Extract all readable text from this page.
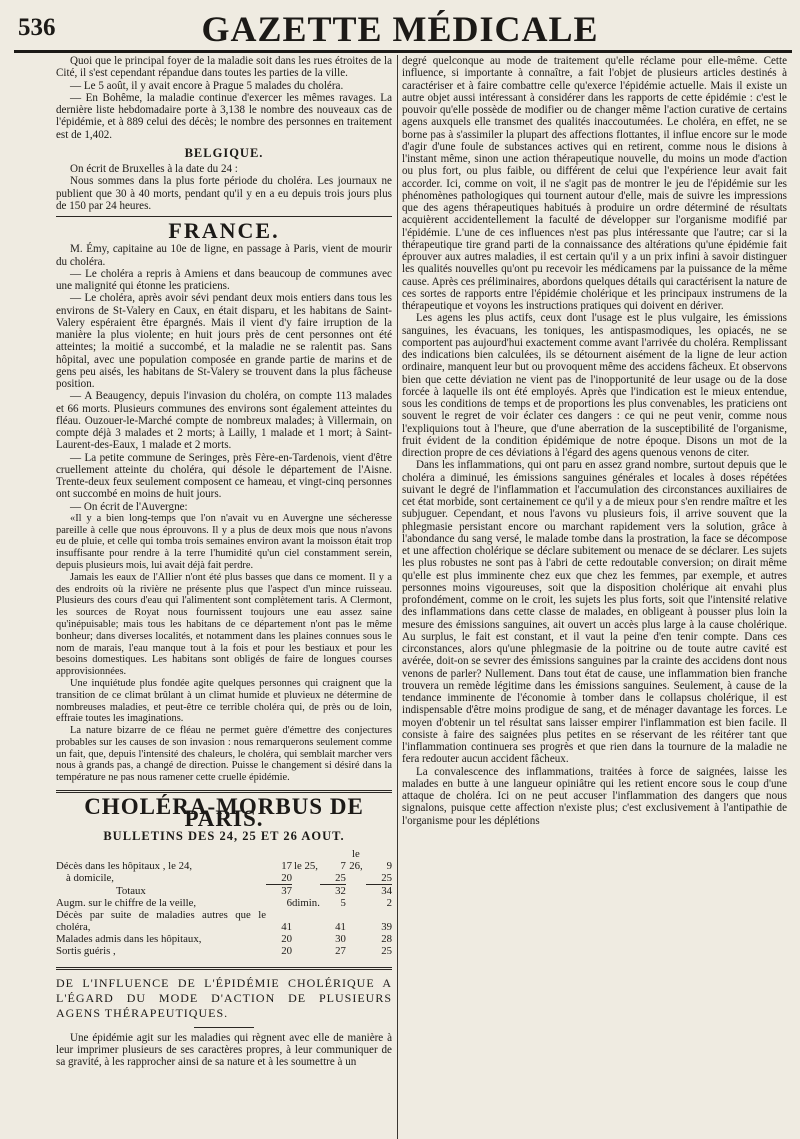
536	GAZETTE MÉDICALE

Quoi que le principal foyer de la maladie soit dans les rues étroites de la Cité, il s'est cependant répandue dans toutes les parties de la ville.

— Le 5 août, il y avait encore à Prague 5 malades du choléra.

— En Bohême, la maladie continue d'exercer les mêmes ravages. La dernière liste hebdomadaire porte à 3,138 le nombre des nouveaux cas de l'épidémie, et à 889 celui des décès; le nombre des personnes en traitement est de 1,402.

BELGIQUE.

On écrit de Bruxelles à la date du 24 :

Nous sommes dans la plus forte période du choléra. Les journaux ne publient que 30 à 40 morts, pendant qu'il y en a eu depuis trois jours plus de 150 par 24 heures.

FRANCE.

M. Émy, capitaine au 10e de ligne, en passage à Paris, vient de mourir du choléra.

— Le choléra a repris à Amiens et dans beaucoup de communes avec une malignité qui étonne les praticiens.

— Le choléra, après avoir sévi pendant deux mois entiers dans tous les environs de St-Valery en Caux, en était disparu, et les habitans de Saint-Valery espéraient être épargnés. Mais il vient d'y faire irruption de la manière la plus violente; en huit jours près de cent personnes ont été atteintes; la moitié a succombé, et la maladie ne se ralentit pas. Sans hôpital, avec une population composée en grande partie de marins et de gens peu aisés, les habitans de St-Valery se trouvent dans la plus fâcheuse position.

— A Beaugency, depuis l'invasion du choléra, on compte 113 malades et 66 morts. Plusieurs communes des environs sont également atteintes du fléau. Ouzouer-le-Marché compte de nombreux malades; à Villermain, on compte déjà 3 malades et 2 morts; à Lailly, 1 malade et 1 mort; à Saint-Laurent-des-Eaux, 1 malade et 2 morts.

— La petite commune de Seringes, près Fère-en-Tardenois, vient d'être cruellement atteinte du choléra, qui désole le département de l'Aisne. Trente-deux feux seulement composent ce hameau, et vingt-cinq personnes ont succombé en moins de huit jours.

— On écrit de l'Auvergne:

«Il y a bien long-temps que l'on n'avait vu en Auvergne une sécheresse pareille à celle que nous éprouvons. Il y a plus de deux mois que nous n'avons eu de pluie, et celle qui tomba trois semaines environ avant la moisson était trop insuffisante pour rendre à la terre l'humidité qu'un ciel constamment serein, depuis plusieurs mois, lui avait déjà fait perdre.

Jamais les eaux de l'Allier n'ont été plus basses que dans ce moment. Il y a des endroits où la rivière ne présente plus que l'aspect d'un mince ruisseau. Plusieurs des cours d'eau qui l'alimentent sont complètement taris. A Clermont, les sources de Royat nous fournissent toujours une eau assez saine qu'inépuisable; mais tous les habitans de ce département n'ont pas le même bonheur; dans diverses localités, et notamment dans les plaines connues sous le nom de marais, l'eau manque tout à la fois et pour les bestiaux et pour les besoins domestiques. Les habitans sont obligés de faire de longues courses approvisionnées.

Une inquiétude plus fondée agite quelques personnes qui craignent que la transition de ce climat brûlant à un climat humide et pluvieux ne détermine de nombreuses maladies, et peut-être ce terrible choléra qui, de près ou de loin, effraie toutes les imaginations.

La nature bizarre de ce fléau ne permet guère d'émettre des conjectures probables sur les causes de son invasion : nous remarquerons seulement comme un fait, que, depuis l'intensité des chaleurs, le choléra, qui semblait marcher vers nous à grands pas, a changé de direction. Puisse le changement si désiré dans la température ne pas nous ramener cette cruelle épidémie.

CHOLÉRA-MORBUS DE PARIS.
BULLETINS DES 24, 25 ET 26 AOUT.
Décès dans les hôpitaux , le 24,	17	le 25,	7	le 26,	9
à domicile,	20		25		25
Totaux	37		32		34
Augm. sur le chiffre de la veille,	6	dimin.	5		2
Décès par suite de maladies autres que le choléra,	41		41		39
Malades admis dans les hôpitaux,	20		30		28
Sortis guéris ,	20		27		25
DE L'INFLUENCE DE L'ÉPIDÉMIE CHOLÉRIQUE A L'ÉGARD DU MODE D'ACTION DE PLUSIEURS AGENS THÉRAPEUTIQUES.

Une épidémie agit sur les maladies qui règnent avec elle de manière à leur imprimer plusieurs de ses caractères propres, à leur communiquer de sa gravité, à les rapprocher ainsi de sa nature et à les soumettre à un

degré quelconque au mode de traitement qu'elle réclame pour elle-même. Cette influence, si importante à connaître, a fait l'objet de plusieurs articles destinés à caractériser et à faire combattre celle qu'exerce l'épidémie actuelle. Mais il existe un autre objet aussi intéressant à considérer dans les rapports de cette épidémie : c'est le pouvoir qu'elle possède de modifier ou de changer même l'action curative de certains agens auxquels elle transmet des qualités inaccoutumées. Le choléra, en effet, ne se borne pas à s'assimiler la plupart des affections flottantes, il influe encore sur le mode d'agir d'une foule de substances actives qui en retirent, comme nous le disions à l'instant même, sinon une action thérapeutique nouvelle, du moins un mode d'action ou plus fort, ou plus faible, ou différent de celui que l'expérience leur avait fait accorder. Ici, comme on voit, il ne s'agit pas de montrer le jeu de l'épidémie sur les phénomènes pathologiques qui tournent autour d'elle, mais de suivre les impressions que des agens thérapeutiques habitués à produire un ordre déterminé de résultats acquièrent accidentellement la faculté de développer sur l'organisme modifié par l'épidémie. L'une de ces influences n'est pas plus intéressante que l'autre; car si la thérapeutique tire grand parti de la connaissance des altérations qu'une épidémie fait éprouver aux autres maladies, il est certain qu'il y a un prix infini à savoir distinguer les qualités nouvelles qu'ont pu recevoir les médicamens par la puissance de la même cause. Après ces préliminaires, abordons quelques détails qui caractérisent la nature de ces sortes de rapports entre l'épidémie cholérique et les principaux instrumens de la thérapeutique et voyons les instructions pratiques qui doivent en dériver.

Les agens les plus actifs, ceux dont l'usage est le plus vulgaire, les émissions sanguines, les évacuans, les toniques, les antispasmodiques, les opiacés, ne se comportent pas aujourd'hui exactement comme avant l'arrivée du choléra. Remplissant des indications bien calculées, ils se détournent aisément de la ligne de leur action ordinaire, manquent leur but ou provoquent même des accidens fâcheux. Et observons bien que cette déviation ne vient pas de l'inopportunité de leur usage ou de la dose forcée à laquelle ils ont été employés. Après que l'indication est le mieux entendue, sous les conditions de temps et de proportions les plus convenables, les praticiens ont souvent le regret de voir éclater ces dangers : ce qui ne peut venir, comme nous l'expliquions tout à l'heure, que d'une aberration de la susceptibilité de l'organisme, fruit évident de la condition épidémique de notre époque. Disons un mot de la direction propre de ces déviations à l'égard des agens quenous venons de citer.

Dans les inflammations, qui ont paru en assez grand nombre, surtout depuis que le choléra a diminué, les émissions sanguines générales et locales à doses répétées suivant le degré de l'inflammation et l'accumulation des circonstances auxiliaires de cet état morbide, sont certainement ce qu'il y a de mieux pour s'en rendre maître et les subjuguer. Cependant, et nous l'avons vu plusieurs fois, il arrive souvent que la phlegmasie persistant encore ou marchant rapidement vers la solution, grâce à l'abondance du sang versé, le malade tombe dans la prostration, la face se décompose et une affection cholérique se déclare subitement ou menace de se déclarer. Les sujets les plus robustes ne sont pas à l'abri de cette redoutable conversion; on dirait même qu'elle est plus imminente chez eux que chez les femmes, par exemple, et autres personnes moins vigoureuses, soit que la disposition cholérique ait envahi plus profondément, comme on le croit, les sujets les plus forts, soit que l'intensité relative des inflammations dans cette classe de malades, en obligeant à pousser plus loin la mesure des émissions sanguines, ait ouvert un accès plus large à la cause cholérique. Au surplus, le fait est constant, et il vaut la peine d'en tenir compte. Dans ces circonstances, alors qu'une phlegmasie de la poitrine ou de toute autre cavité est avérée, doit-on se sevrer des émissions sanguines par la crainte des accidens dont nous venons de parler? Nullement. Dans tout état de cause, une inflammation bien franche trouvera un remède légitime dans les émissions sanguines. Seulement, à cause de la tendance imminente de l'économie à tomber dans le collapsus cholérique, il est indispensable d'être moins prodigue de sang, et de ménager davantage les forces. Le moyen d'obtenir un tel résultat sans laisser empirer l'inflammation est bien facile. Il consiste à faire des saignées plus petites en se réservant de les réitérer tant que l'inflammation continuera ses progrès et que rien dans la tournure de la maladie ne fera redouter aucun accident fâcheux.

La convalescence des inflammations, traitées à force de saignées, laisse les malades en butte à une langueur opiniâtre qui les retient encore sous le coup d'une attaque de choléra. Ici on ne peut accuser l'inflammation des dangers que nous signalons, puisque cette affection n'existe plus; c'est exclusivement à l'antipathie de l'organisme pour les déplétions
